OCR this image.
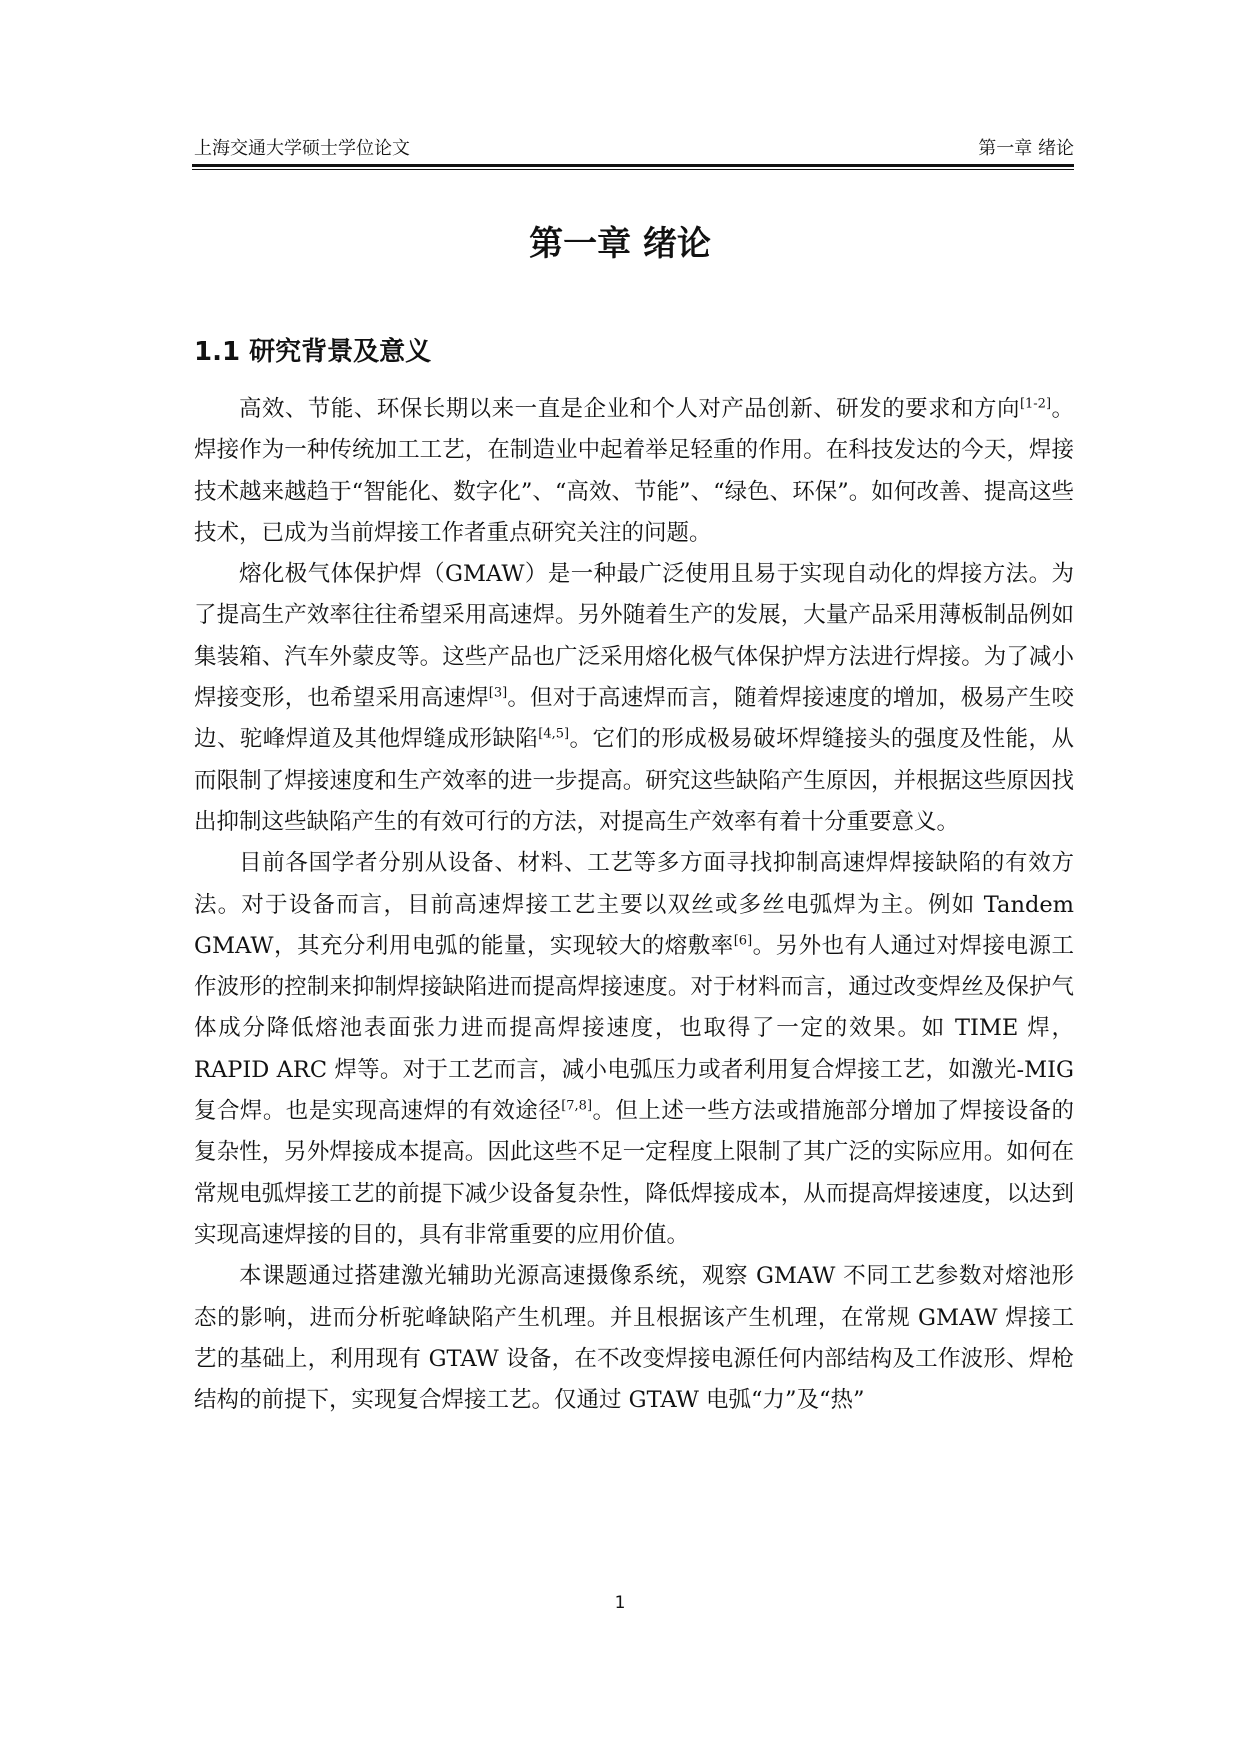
上海交通大学硕士学位论文	第一章 绪论
第一章 绪论
1.1 研究背景及意义

高效、节能、环保长期以来一直是企业和个人对产品创新、研发的要求和方向[1-2]。焊接作为一种传统加工工艺，在制造业中起着举足轻重的作用。在科技发达的今天，焊接技术越来越趋于“智能化、数字化”、“高效、节能”、“绿色、环保”。如何改善、提高这些技术，已成为当前焊接工作者重点研究关注的问题。

熔化极气体保护焊（GMAW）是一种最广泛使用且易于实现自动化的焊接方法。为了提高生产效率往往希望采用高速焊。另外随着生产的发展，大量产品采用薄板制品例如集装箱、汽车外蒙皮等。这些产品也广泛采用熔化极气体保护焊方法进行焊接。为了减小焊接变形，也希望采用高速焊[3]。但对于高速焊而言，随着焊接速度的增加，极易产生咬边、驼峰焊道及其他焊缝成形缺陷[4,5]。它们的形成极易破坏焊缝接头的强度及性能，从而限制了焊接速度和生产效率的进一步提高。研究这些缺陷产生原因，并根据这些原因找出抑制这些缺陷产生的有效可行的方法，对提高生产效率有着十分重要意义。

目前各国学者分别从设备、材料、工艺等多方面寻找抑制高速焊焊接缺陷的有效方法。对于设备而言，目前高速焊接工艺主要以双丝或多丝电弧焊为主。例如 Tandem GMAW，其充分利用电弧的能量，实现较大的熔敷率[6]。另外也有人通过对焊接电源工作波形的控制来抑制焊接缺陷进而提高焊接速度。对于材料而言，通过改变焊丝及保护气体成分降低熔池表面张力进而提高焊接速度，也取得了一定的效果。如 TIME 焊，RAPID ARC 焊等。对于工艺而言，减小电弧压力或者利用复合焊接工艺，如激光-MIG 复合焊。也是实现高速焊的有效途径[7,8]。但上述一些方法或措施部分增加了焊接设备的复杂性，另外焊接成本提高。因此这些不足一定程度上限制了其广泛的实际应用。如何在常规电弧焊接工艺的前提下减少设备复杂性，降低焊接成本，从而提高焊接速度，以达到实现高速焊接的目的，具有非常重要的应用价值。

本课题通过搭建激光辅助光源高速摄像系统，观察 GMAW 不同工艺参数对熔池形态的影响，进而分析驼峰缺陷产生机理。并且根据该产生机理，在常规 GMAW 焊接工艺的基础上，利用现有 GTAW 设备，在不改变焊接电源任何内部结构及工作波形、焊枪结构的前提下，实现复合焊接工艺。仅通过 GTAW 电弧“力”及“热”

1
